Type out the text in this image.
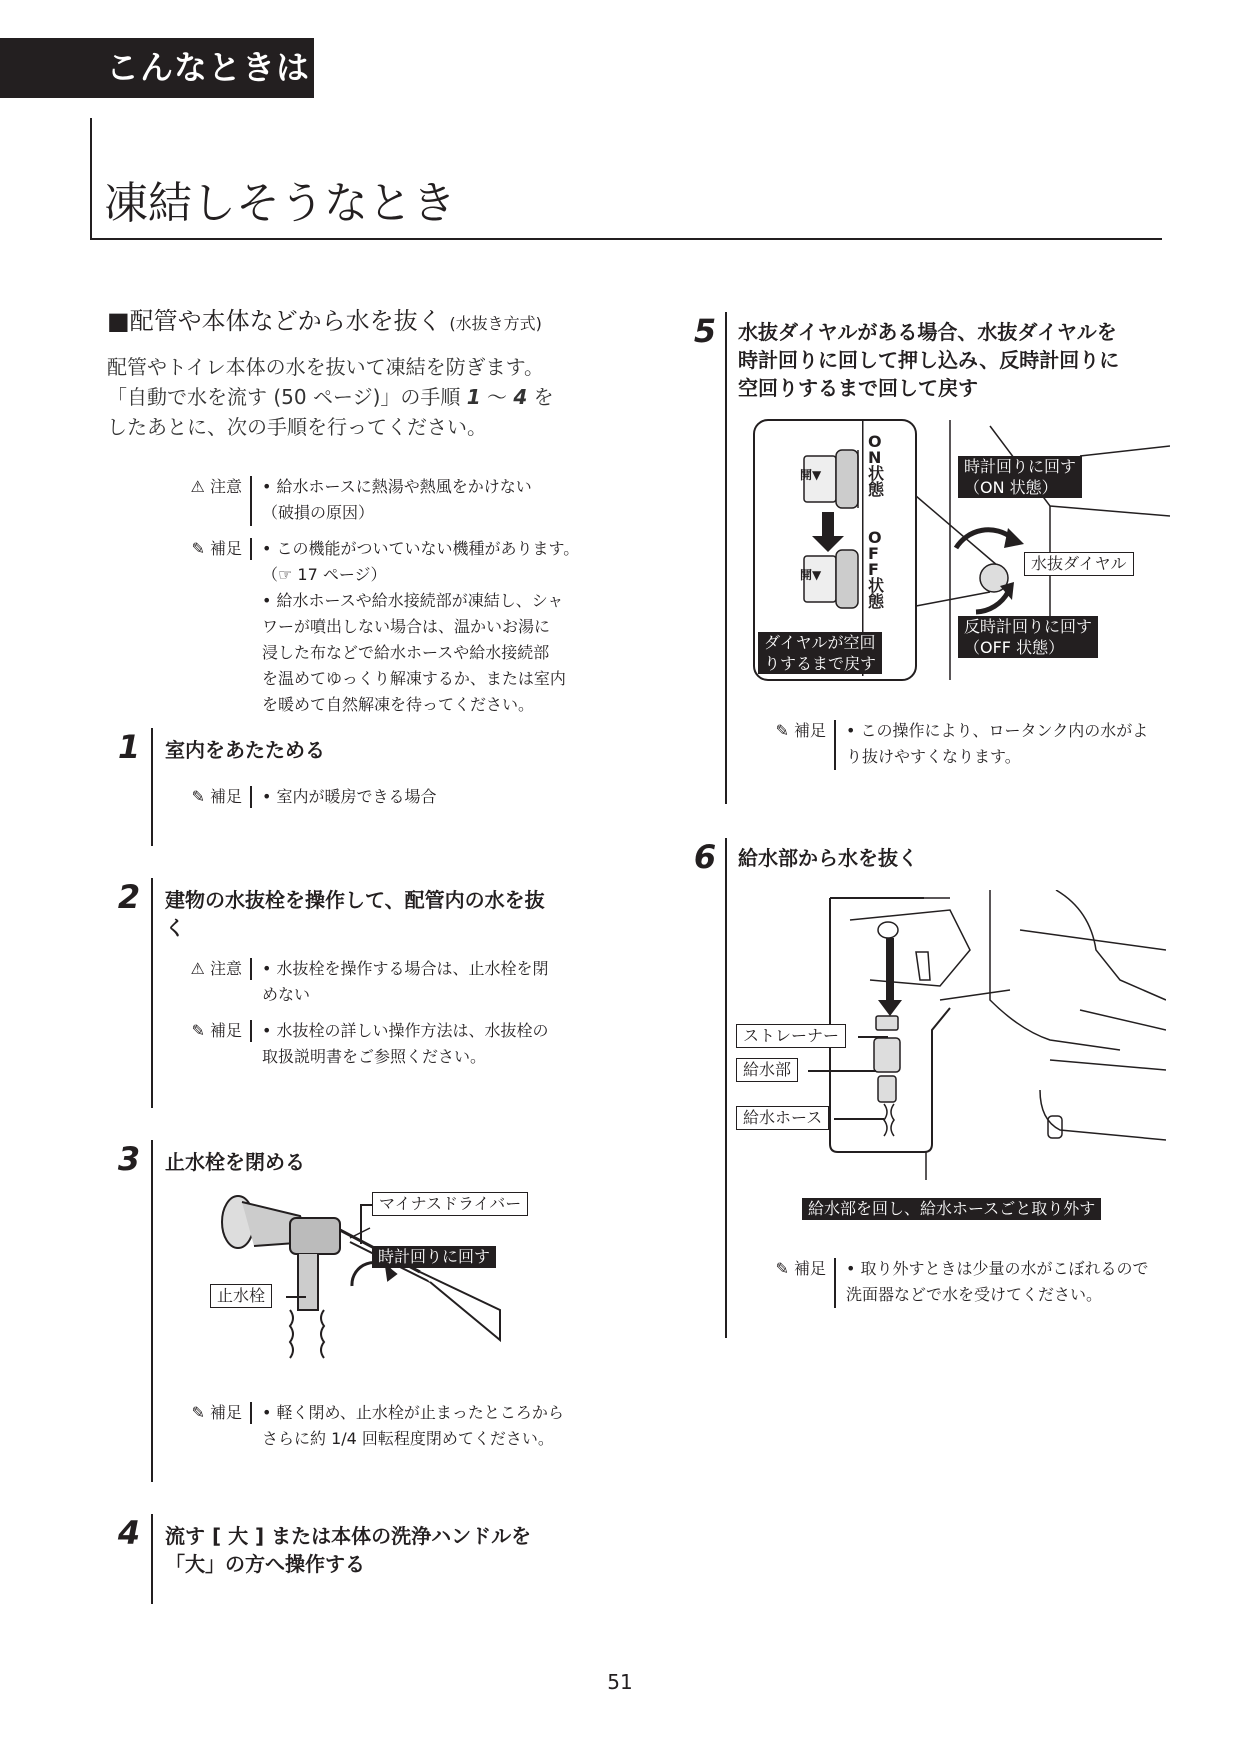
こんなときは
凍結しそうなとき
■配管や本体などから水を抜く (水抜き方式)
配管やトイレ本体の水を抜いて凍結を防ぎます。
「自動で水を流す (50 ページ)」の手順 1 ～ 4 を
したあとに、次の手順を行ってください。
⚠ 注意 • 給水ホースに熱湯や熱風をかけない
（破損の原因）
✎ 補足 • この機能がついていない機種があります。
（☞ 17 ページ）
• 給水ホースや給水接続部が凍結し、シャ
ワーが噴出しない場合は、温かいお湯に
浸した布などで給水ホースや給水接続部
を温めてゆっくり解凍するか、または室内
を暖めて自然解凍を待ってください。
1 室内をあたためる
✎ 補足 • 室内が暖房できる場合
2 建物の水抜栓を操作して、配管内の水を抜
く
⚠ 注意 • 水抜栓を操作する場合は、止水栓を閉
めない
✎ 補足 • 水抜栓の詳しい操作方法は、水抜栓の
取扱説明書をご参照ください。
3 止水栓を閉める
マイナスドライバー
時計回りに回す
止水栓
✎ 補足 • 軽く閉め、止水栓が止まったところから
さらに約 1/4 回転程度閉めてください。
4 流す [ 大 ] または本体の洗浄ハンドルを
「大」の方へ操作する
5 水抜ダイヤルがある場合、水抜ダイヤルを
時計回りに回して押し込み、反時計回りに
空回りするまで回して戻す
開▼
開▼
ON状態
OFF状態
時計回りに回す
（ON 状態）
水抜ダイヤル
反時計回りに回す
（OFF 状態）
ダイヤルが空回
りするまで戻す
✎ 補足 • この操作により、ロータンク内の水がよ
り抜けやすくなります。
6 給水部から水を抜く
ストレーナー
給水部
給水ホース
給水部を回し、給水ホースごと取り外す
✎ 補足 • 取り外すときは少量の水がこぼれるので
洗面器などで水を受けてください。
51
